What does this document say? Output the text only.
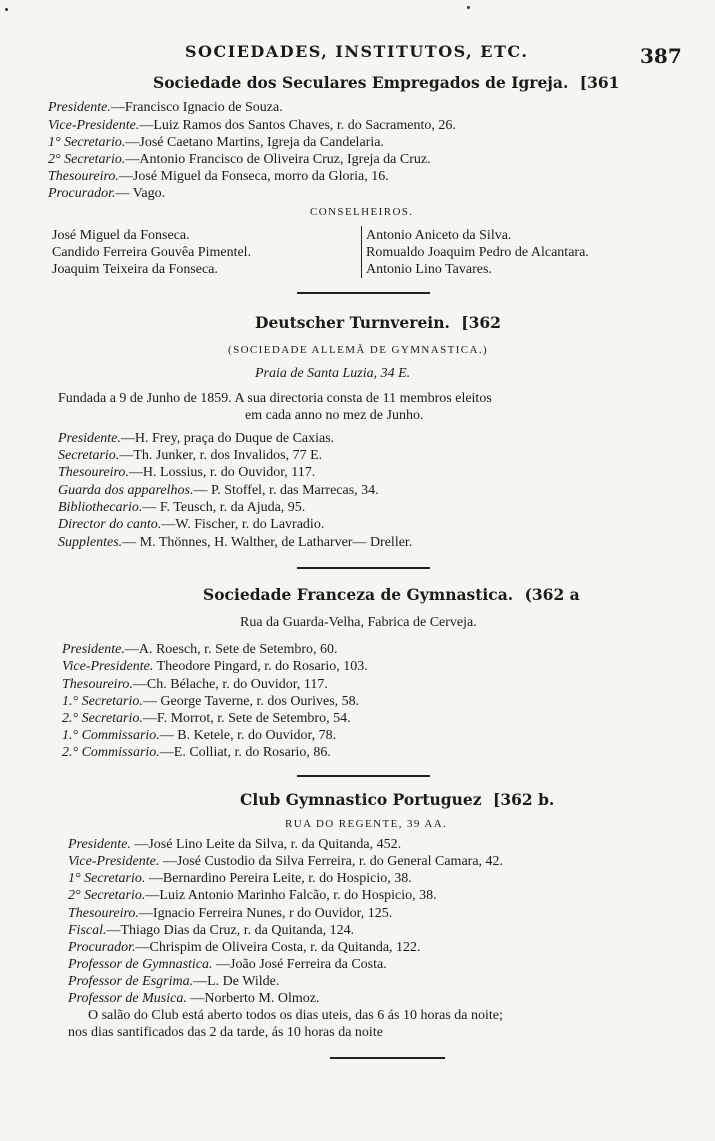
SOCIEDADES, INSTITUTOS, ETC.	387
Sociedade dos Seculares Empregados de Igreja. [361
Presidente.—Francisco Ignacio de Souza.
Vice-Presidente.—Luiz Ramos dos Santos Chaves, r. do Sacramento, 26.
1° Secretario.—José Caetano Martins, Igreja da Candelaria.
2° Secretario.—Antonio Francisco de Oliveira Cruz, Igreja da Cruz.
Thesoureiro.—José Miguel da Fonseca, morro da Gloria, 16.
Procurador.— Vago.
CONSELHEIROS.
José Miguel da Fonseca.
Candido Ferreira Gouvêa Pimentel.
Joaquim Teixeira da Fonseca.
Antonio Aniceto da Silva.
Romualdo Joaquim Pedro de Alcantara.
Antonio Lino Tavares.
Deutscher Turnverein. [362
(SOCIEDADE ALLEMÃ DE GYMNASTICA.)
Praia de Santa Luzia, 34 E.
Fundada a 9 de Junho de 1859. A sua directoria consta de 11 membros eleitos
em cada anno no mez de Junho.
Presidente.—H. Frey, praça do Duque de Caxias.
Secretario.—Th. Junker, r. dos Invalidos, 77 E.
Thesoureiro.—H. Lossius, r. do Ouvidor, 117.
Guarda dos apparelhos.— P. Stoffel, r. das Marrecas, 34.
Bibliothecario.— F. Teusch, r. da Ajuda, 95.
Director do canto.—W. Fischer, r. do Lavradio.
Supplentes.— M. Thönnes, H. Walther, de Latharver— Dreller.
Sociedade Franceza de Gymnastica. (362 a
Rua da Guarda-Velha, Fabrica de Cerveja.
Presidente.—A. Roesch, r. Sete de Setembro, 60.
Vice-Presidente. Theodore Pingard, r. do Rosario, 103.
Thesoureiro.—Ch. Bélache, r. do Ouvidor, 117.
1.° Secretario.— George Taverne, r. dos Ourives, 58.
2.° Secretario.—F. Morrot, r. Sete de Setembro, 54.
1.° Commissario.— B. Ketele, r. do Ouvidor, 78.
2.° Commissario.—E. Colliat, r. do Rosario, 86.
Club Gymnastico Portuguez [362 b.
RUA DO REGENTE, 39 AA.
Presidente. —José Lino Leite da Silva, r. da Quitanda, 452.
Vice-Presidente. —José Custodio da Silva Ferreira, r. do General Camara, 42.
1° Secretario. —Bernardino Pereira Leite, r. do Hospicio, 38.
2° Secretario.—Luiz Antonio Marinho Falcão, r. do Hospicio, 38.
Thesoureiro.—Ignacio Ferreira Nunes, r do Ouvidor, 125.
Fiscal.—Thiago Dias da Cruz, r. da Quitanda, 124.
Procurador.—Chrispim de Oliveira Costa, r. da Quitanda, 122.
Professor de Gymnastica. —João José Ferreira da Costa.
Professor de Esgrima.—L. De Wilde.
Professor de Musica. —Norberto M. Olmoz.
O salão do Club está aberto todos os dias uteis, das 6 ás 10 horas da noite;
nos dias santificados das 2 da tarde, ás 10 horas da noite
